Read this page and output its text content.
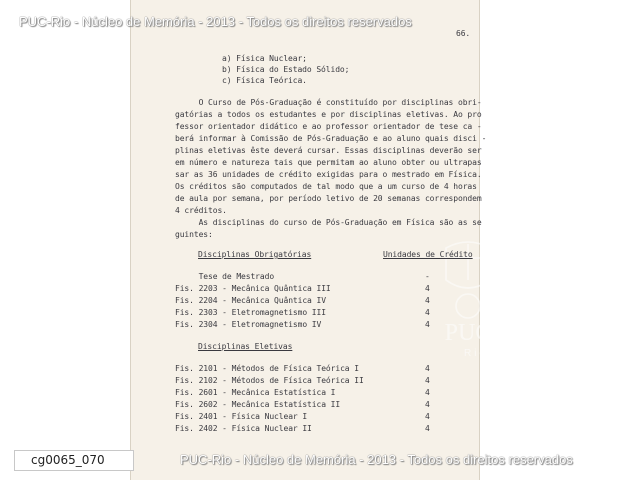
PUC
Rio
66.
a) Física Nuclear;
b) Física do Estado Sólido;
c) Física Teórica.
O Curso de Pós-Graduação é constituído por disciplinas obri-
gatórias a todos os estudantes e por disciplinas eletivas. Ao pro
fessor orientador didático e ao professor orientador de tese ca -
berá informar à Comissão de Pós-Graduação e ao aluno quais disci -
plinas eletivas êste deverá cursar. Essas disciplinas deverão ser
em número e natureza tais que permitam ao aluno obter ou ultrapas
sar as 36 unidades de crédito exigidas para o mestrado em Física.
Os créditos são computados de tal modo que a um curso de 4 horas
de aula por semana, por período letivo de 20 semanas correspondem
4 créditos.
As disciplinas do curso de Pós-Graduação em Física são as se
guintes:
Disciplinas Obrigatórias	Unidades de Crédito
Tese de Mestrado	-
Fis. 2203 - Mecânica Quântica III	4
Fis. 2204 - Mecânica Quântica IV	4
Fis. 2303 - Eletromagnetismo III	4
Fis. 2304 - Eletromagnetismo IV	4
Disciplinas Eletivas
Fis. 2101 - Métodos de Física Teórica I	4
Fis. 2102 - Métodos de Física Teórica II	4
Fis. 2601 - Mecânica Estatística I	4
Fis. 2602 - Mecânica Estatística II	4
Fis. 2401 - Física Nuclear I	4
Fis. 2402 - Física Nuclear II	4
PUC-Rio - Núcleo de Memória - 2013 - Todos os direitos reservados
PUC-Rio - Núcleo de Memória - 2013 - Todos os direitos reservados
cg0065_070
